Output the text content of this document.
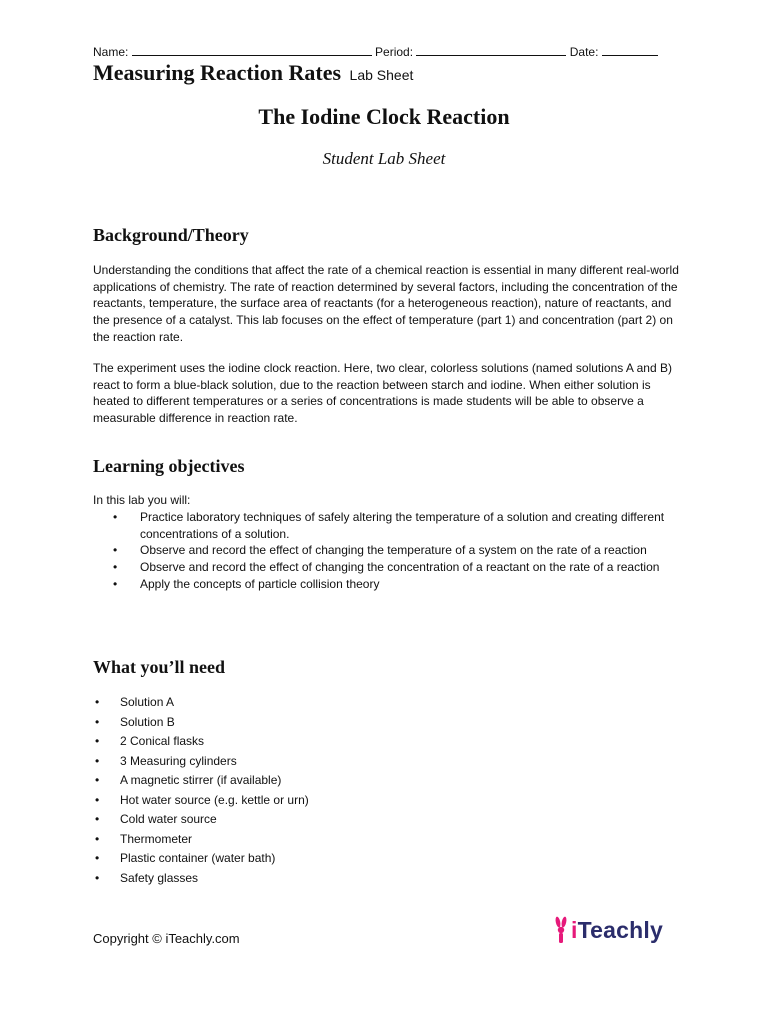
Name:	Period:	Date:
Measuring Reaction Rates Lab Sheet
The Iodine Clock Reaction
Student Lab Sheet
Background/Theory

Understanding the conditions that affect the rate of a chemical reaction is essential in many different real-world applications of chemistry. The rate of reaction determined by several factors, including the concentration of the reactants, temperature, the surface area of reactants (for a heterogeneous reaction), nature of reactants, and the presence of a catalyst. This lab focuses on the effect of temperature (part 1) and concentration (part 2) on the reaction rate.

The experiment uses the iodine clock reaction. Here, two clear, colorless solutions (named solutions A and B) react to form a blue-black solution, due to the reaction between starch and iodine. When either solution is heated to different temperatures or a series of concentrations is made students will be able to observe a measurable difference in reaction rate.

Learning objectives

In this lab you will:

• Practice laboratory techniques of safely altering the temperature of a solution and creating different concentrations of a solution.
• Observe and record the effect of changing the temperature of a system on the rate of a reaction
• Observe and record the effect of changing the concentration of a reactant on the rate of a reaction
• Apply the concepts of particle collision theory
What you’ll need
• Solution A
• Solution B
• 2 Conical flasks
• 3 Measuring cylinders
• A magnetic stirrer (if available)
• Hot water source (e.g. kettle or urn)
• Cold water source
• Thermometer
• Plastic container (water bath)
• Safety glasses
Copyright © iTeachly.com	iTeachly
